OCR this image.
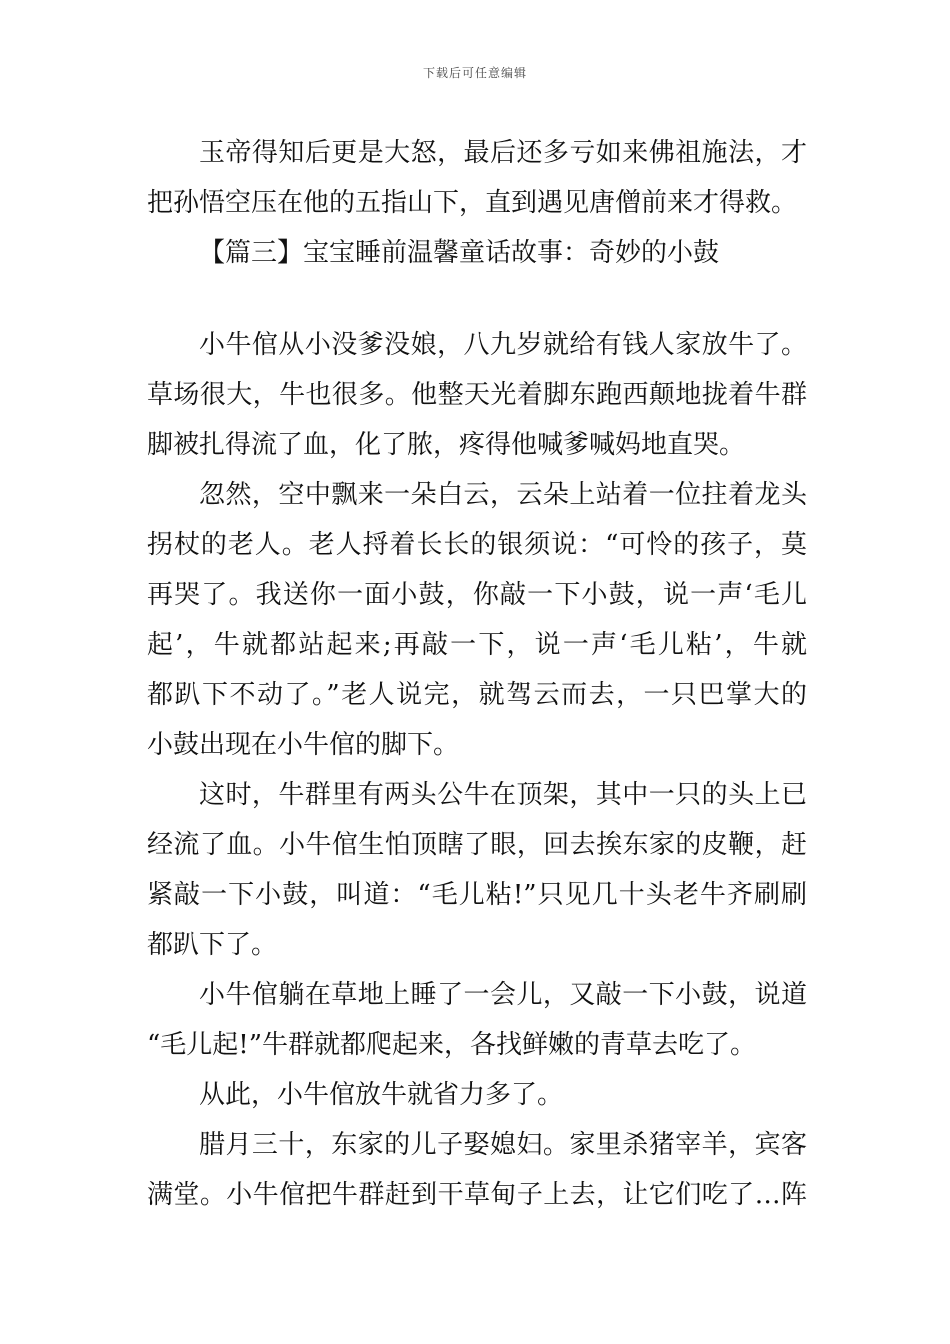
下载后可任意编辑
玉帝得知后更是大怒，最后还多亏如来佛祖施法，才
把孙悟空压在他的五指山下，直到遇见唐僧前来才得救。
【篇三】宝宝睡前温馨童话故事：奇妙的小鼓
小牛倌从小没爹没娘，八九岁就给有钱人家放牛了。
草场很大，牛也很多。他整天光着脚东跑西颠地拢着牛群
脚被扎得流了血，化了脓，疼得他喊爹喊妈地直哭。
忽然，空中飘来一朵白云，云朵上站着一位拄着龙头
拐杖的老人。老人捋着长长的银须说：“可怜的孩子，莫
再哭了。我送你一面小鼓，你敲一下小鼓，说一声‘毛儿
起’，牛就都站起来;再敲一下，说一声‘毛儿粘’，牛就
都趴下不动了。”老人说完，就驾云而去，一只巴掌大的
小鼓出现在小牛倌的脚下。
这时，牛群里有两头公牛在顶架，其中一只的头上已
经流了血。小牛倌生怕顶瞎了眼，回去挨东家的皮鞭，赶
紧敲一下小鼓，叫道：“毛儿粘!”只见几十头老牛齐刷刷
都趴下了。
小牛倌躺在草地上睡了一会儿，又敲一下小鼓，说道
“毛儿起!”牛群就都爬起来，各找鲜嫩的青草去吃了。
从此，小牛倌放牛就省力多了。
腊月三十，东家的儿子娶媳妇。家里杀猪宰羊，宾客
满堂。小牛倌把牛群赶到干草甸子上去，让它们吃了…阵
